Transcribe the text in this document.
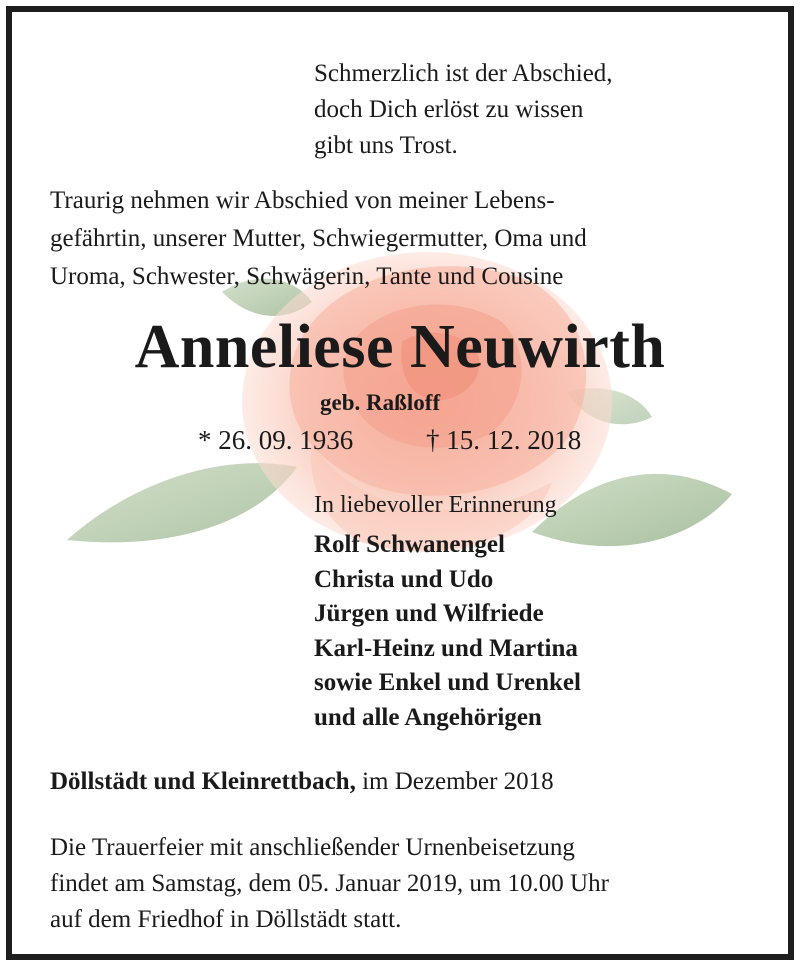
Schmerzlich ist der Abschied,
doch Dich erlöst zu wissen
gibt uns Trost.
Traurig nehmen wir Abschied von meiner Lebens-
gefährtin, unserer Mutter, Schwiegermutter, Oma und
Uroma, Schwester, Schwägerin, Tante und Cousine
Anneliese Neuwirth
geb. Raßloff
* 26. 09. 1936	† 15. 12. 2018
In liebevoller Erinnerung
Rolf Schwanengel
Christa und Udo
Jürgen und Wilfriede
Karl-Heinz und Martina
sowie Enkel und Urenkel
und alle Angehörigen
Döllstädt und Kleinrettbach, im Dezember 2018
Die Trauerfeier mit anschließender Urnenbeisetzung
findet am Samstag, dem 05. Januar 2019, um 10.00 Uhr
auf dem Friedhof in Döllstädt statt.
